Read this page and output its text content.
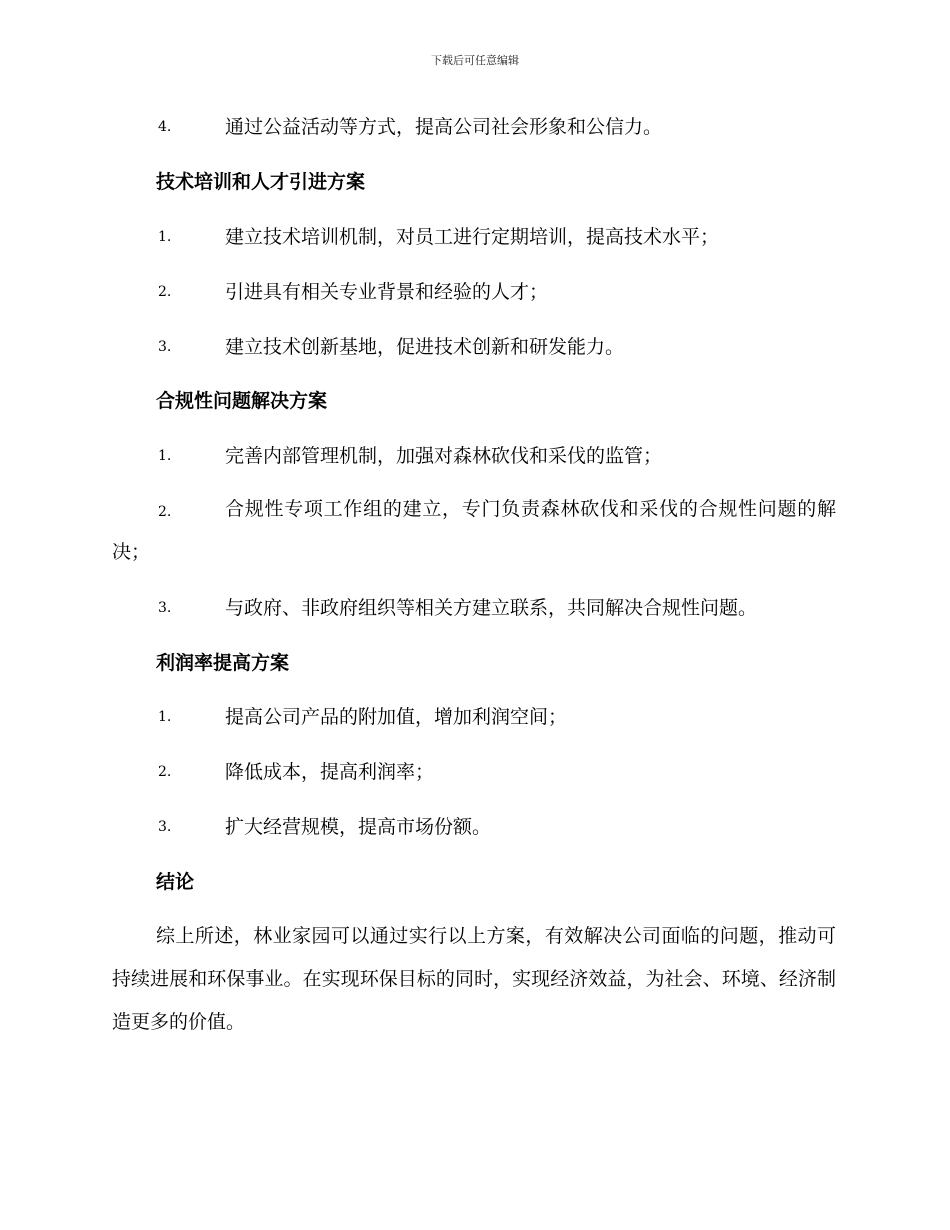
下载后可任意编辑
4.	通过公益活动等方式，提高公司社会形象和公信力。
技术培训和人才引进方案
1.	建立技术培训机制，对员工进行定期培训，提高技术水平；
2.	引进具有相关专业背景和经验的人才；
3.	建立技术创新基地，促进技术创新和研发能力。
合规性问题解决方案
1.	完善内部管理机制，加强对森林砍伐和采伐的监管；
2.	合规性专项工作组的建立，专门负责森林砍伐和采伐的合规性问题的解决；
3.	与政府、非政府组织等相关方建立联系，共同解决合规性问题。
利润率提高方案
1.	提高公司产品的附加值，增加利润空间；
2.	降低成本，提高利润率；
3.	扩大经营规模，提高市场份额。
结论
综上所述，林业家园可以通过实行以上方案，有效解决公司面临的问题，推动可持续进展和环保事业。在实现环保目标的同时，实现经济效益，为社会、环境、经济制造更多的价值。
